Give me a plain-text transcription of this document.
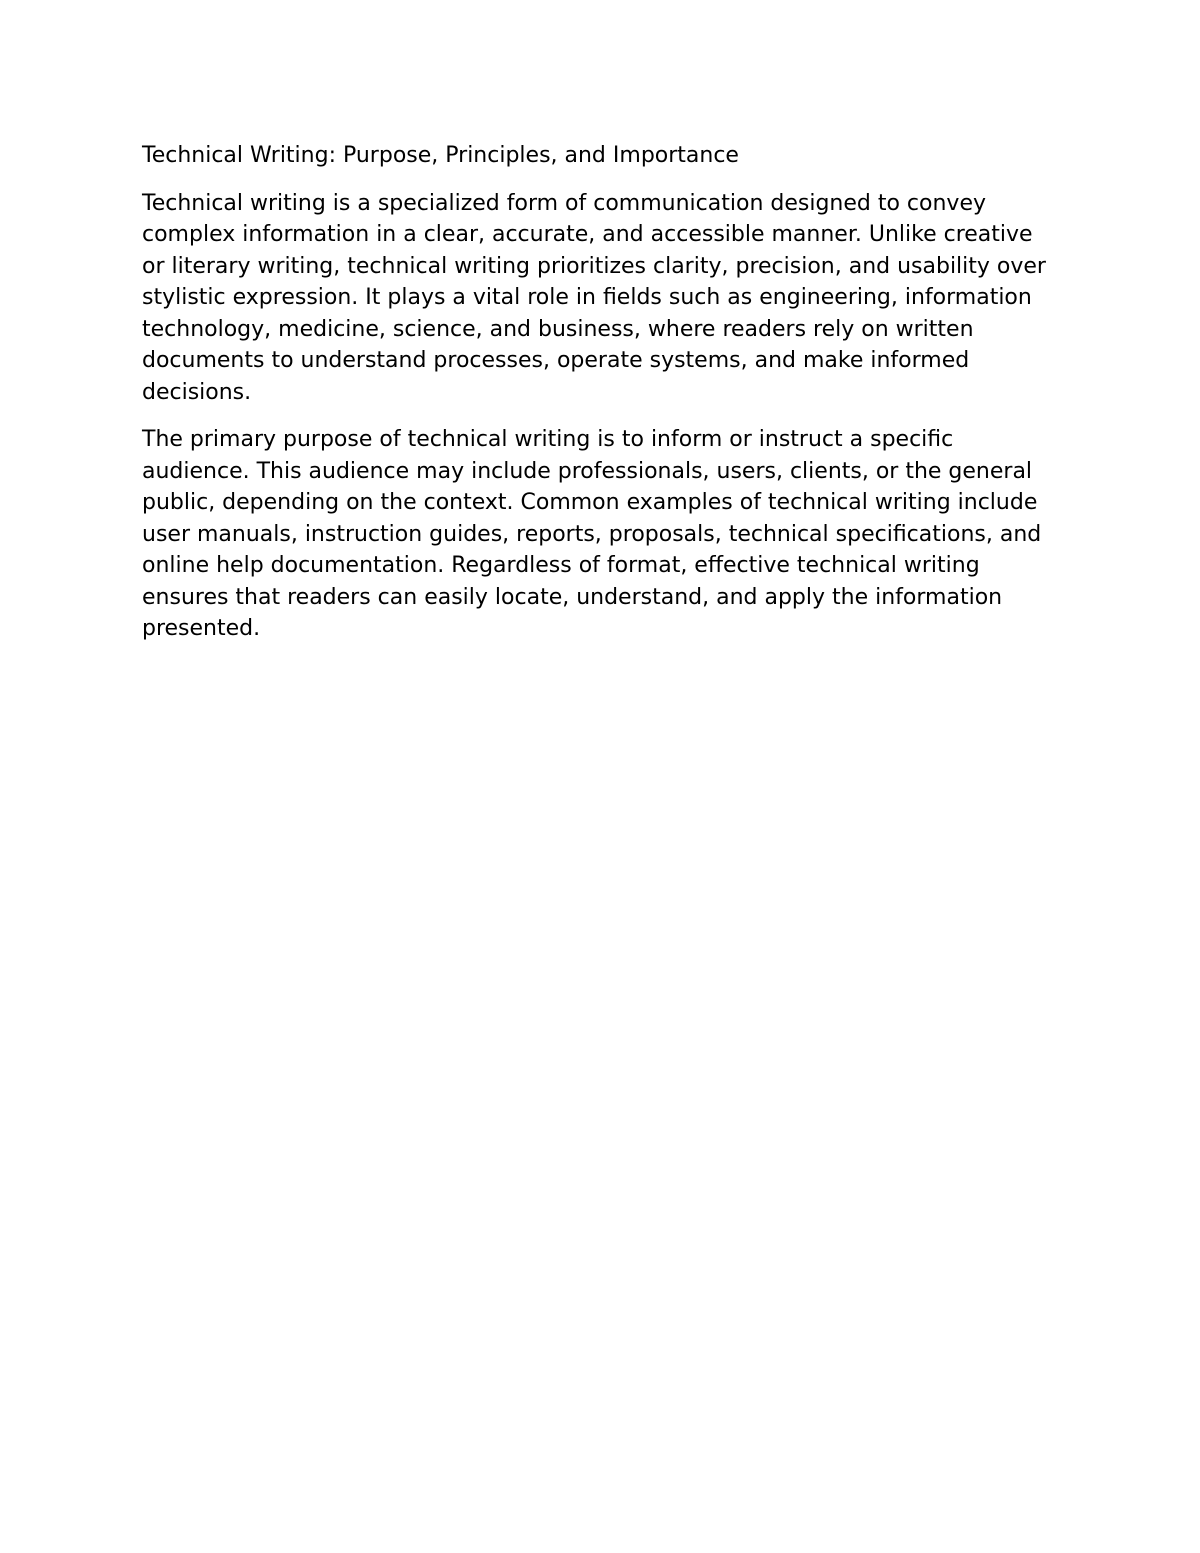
Technical Writing: Purpose, Principles, and Importance

Technical writing is a specialized form of communication designed to convey complex information in a clear, accurate, and accessible manner. Unlike creative or literary writing, technical writing prioritizes clarity, precision, and usability over stylistic expression. It plays a vital role in fields such as engineering, information technology, medicine, science, and business, where readers rely on written documents to understand processes, operate systems, and make informed decisions.

The primary purpose of technical writing is to inform or instruct a specific audience. This audience may include professionals, users, clients, or the general public, depending on the context. Common examples of technical writing include user manuals, instruction guides, reports, proposals, technical specifications, and online help documentation. Regardless of format, effective technical writing ensures that readers can easily locate, understand, and apply the information presented.
